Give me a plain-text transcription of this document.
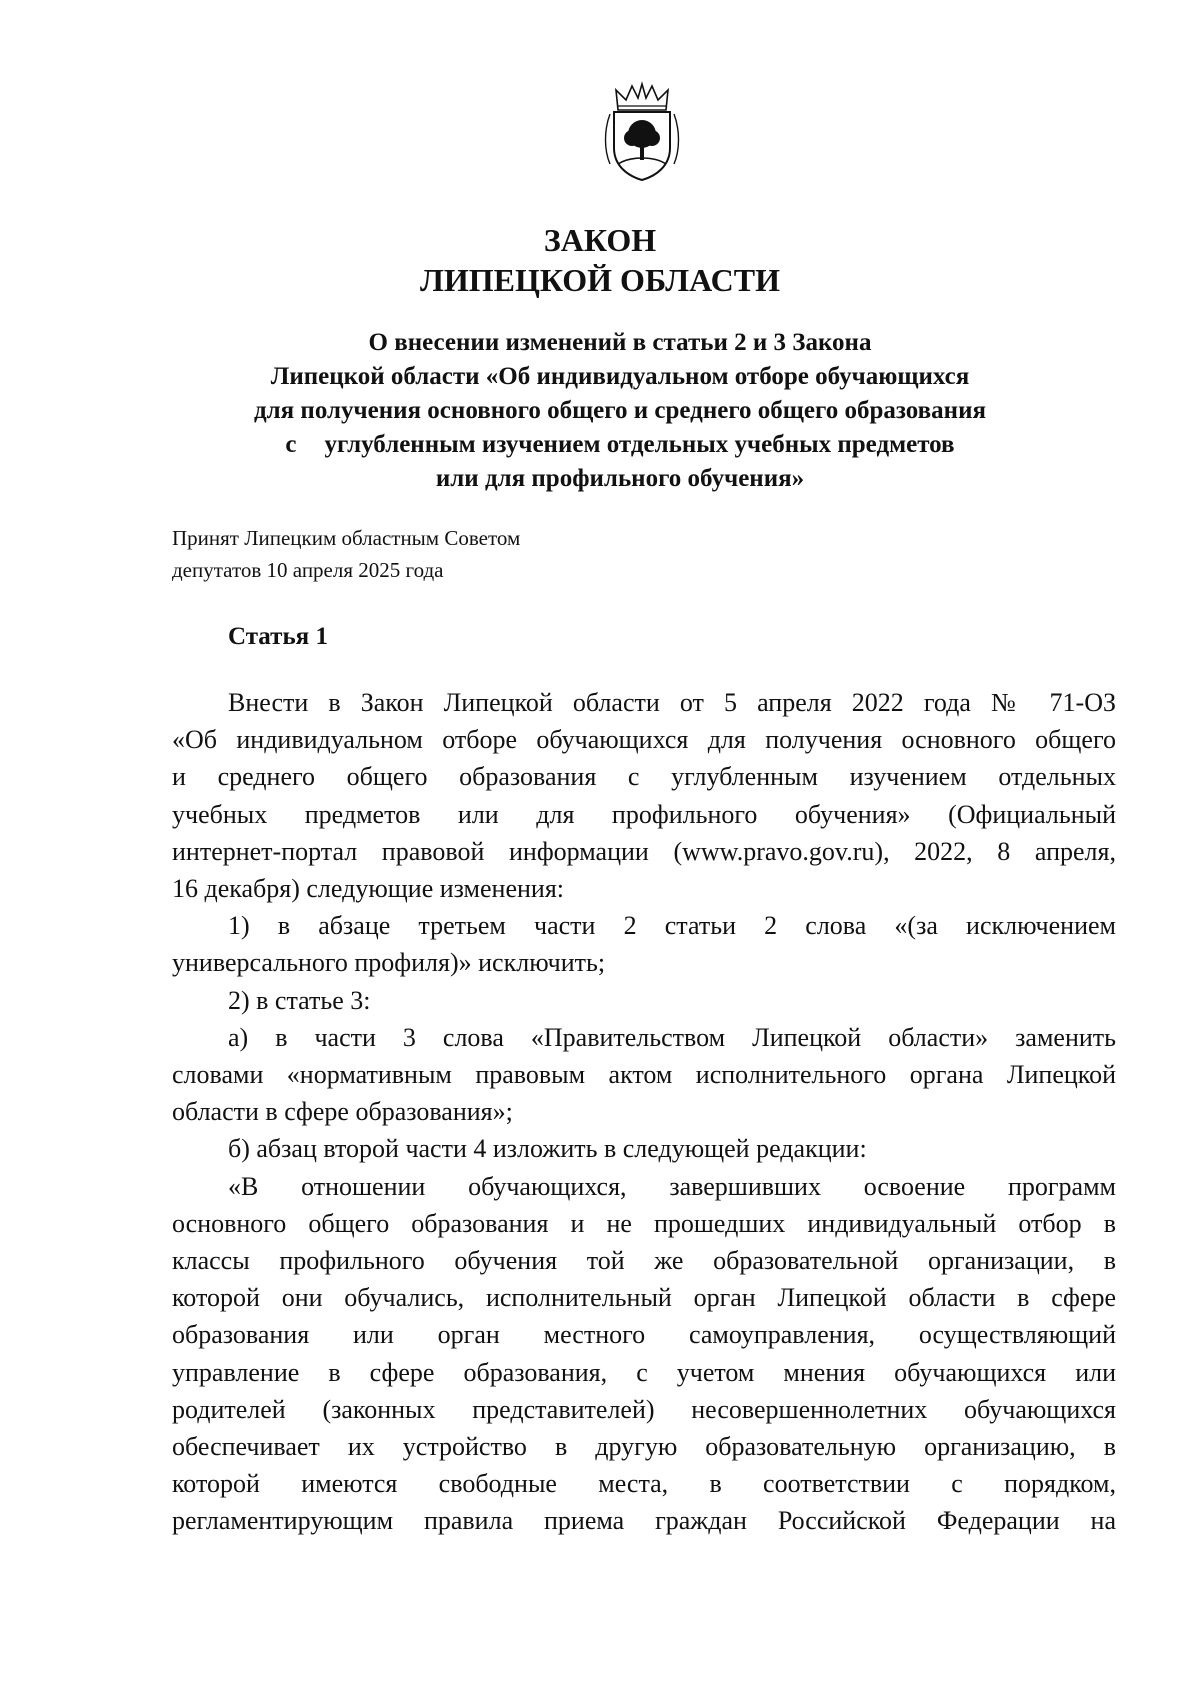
ЗАКОН
ЛИПЕЦКОЙ ОБЛАСТИ
О внесении изменений в статьи 2 и 3 Закона
Липецкой области «Об индивидуальном отборе обучающихся
для получения основного общего и среднего общего образования
с углубленным изучением отдельных учебных предметов
или для профильного обучения»
Принят Липецким областным Советом
депутатов 10 апреля 2025 года
Статья 1
Внести в Закон Липецкой области от 5 апреля 2022 года № 71-ОЗ
«Об индивидуальном отборе обучающихся для получения основного общего
и среднего общего образования с углубленным изучением отдельных
учебных предметов или для профильного обучения» (Официальный
интернет-портал правовой информации (www.pravo.gov.ru), 2022, 8 апреля,
16 декабря) следующие изменения:
1) в абзаце третьем части 2 статьи 2 слова «(за исключением
универсального профиля)» исключить;
2) в статье 3:
а) в части 3 слова «Правительством Липецкой области» заменить
словами «нормативным правовым актом исполнительного органа Липецкой
области в сфере образования»;
б) абзац второй части 4 изложить в следующей редакции:
«В отношении обучающихся, завершивших освоение программ
основного общего образования и не прошедших индивидуальный отбор в
классы профильного обучения той же образовательной организации, в
которой они обучались, исполнительный орган Липецкой области в сфере
образования или орган местного самоуправления, осуществляющий
управление в сфере образования, с учетом мнения обучающихся или
родителей (законных представителей) несовершеннолетних обучающихся
обеспечивает их устройство в другую образовательную организацию, в
которой имеются свободные места, в соответствии с порядком,
регламентирующим правила приема граждан Российской Федерации на
